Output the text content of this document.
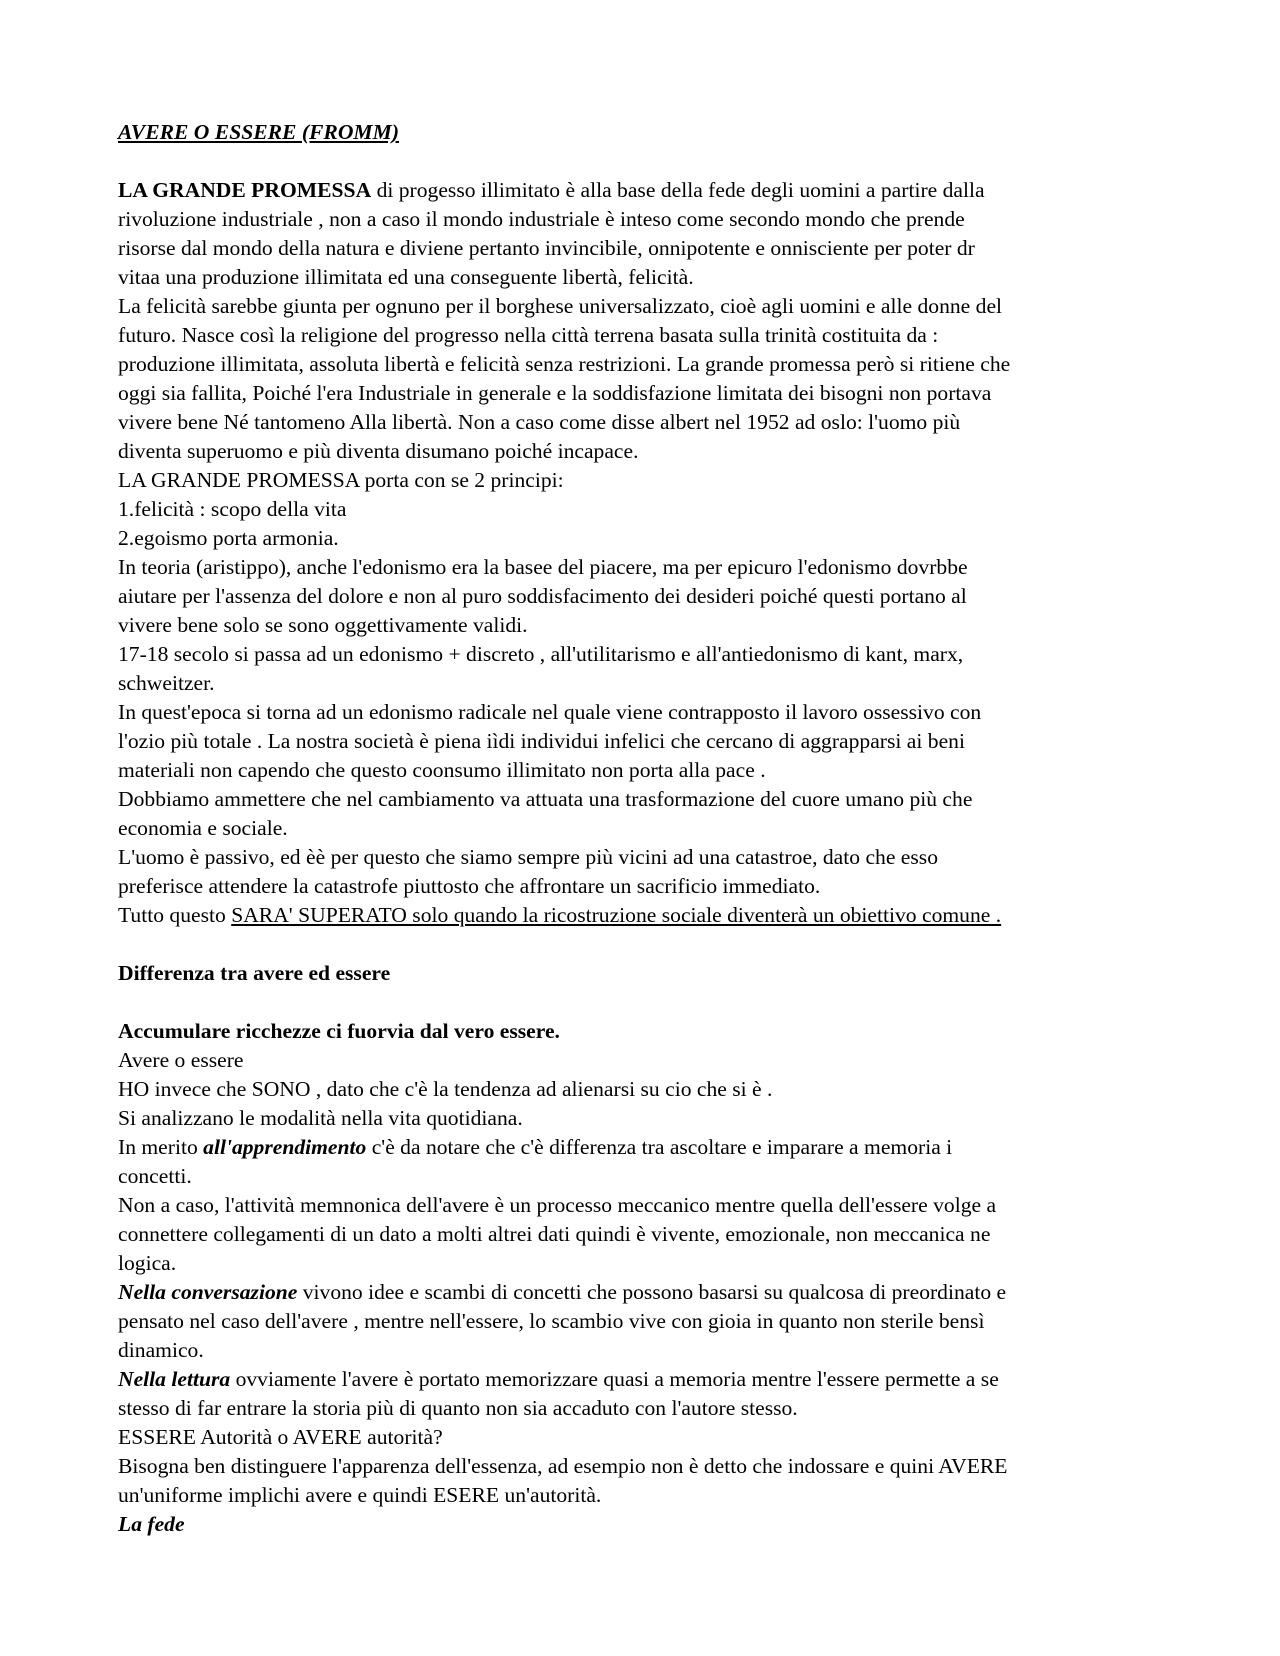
AVERE O ESSERE (FROMM)
LA GRANDE PROMESSA di progesso illimitato è alla base della fede degli uomini a partire dalla
rivoluzione industriale , non a caso il mondo industriale è inteso come secondo mondo che prende
risorse dal mondo della natura e diviene pertanto invincibile, onnipotente e onnisciente per poter dr
vitaa una produzione illimitata ed una conseguente libertà, felicità.
La felicità sarebbe giunta per ognuno per il borghese universalizzato, cioè agli uomini e alle donne del
futuro. Nasce così la religione del progresso nella città terrena basata sulla trinità costituita da :
produzione illimitata, assoluta libertà e felicità senza restrizioni. La grande promessa però si ritiene che
oggi sia fallita, Poiché l'era Industriale in generale e la soddisfazione limitata dei bisogni non portava
vivere bene Né tantomeno Alla libertà. Non a caso come disse albert nel 1952 ad oslo: l'uomo più
diventa superuomo e più diventa disumano poiché incapace.
LA GRANDE PROMESSA porta con se 2 principi:
1.felicità : scopo della vita
2.egoismo porta armonia.
In teoria (aristippo), anche l'edonismo era la basee del piacere, ma per epicuro l'edonismo dovrbbe
aiutare per l'assenza del dolore e non al puro soddisfacimento dei desideri poiché questi portano al
vivere bene solo se sono oggettivamente validi.
17-18 secolo si passa ad un edonismo + discreto , all'utilitarismo e all'antiedonismo di kant, marx,
schweitzer.
In quest'epoca si torna ad un edonismo radicale nel quale viene contrapposto il lavoro ossessivo con
l'ozio più totale . La nostra società è piena iìdi individui infelici che cercano di aggrapparsi ai beni
materiali non capendo che questo coonsumo illimitato non porta alla pace .
Dobbiamo ammettere che nel cambiamento va attuata una trasformazione del cuore umano più che
economia e sociale.
L'uomo è passivo, ed èè per questo che siamo sempre più vicini ad una catastroe, dato che esso
preferisce attendere la catastrofe piuttosto che affrontare un sacrificio immediato.
Tutto questo SARA' SUPERATO solo quando la ricostruzione sociale diventerà un obiettivo comune .
Differenza tra avere ed essere
Accumulare ricchezze ci fuorvia dal vero essere.
Avere o essere
HO invece che SONO , dato che c'è la tendenza ad alienarsi su cio che si è .
Si analizzano le modalità nella vita quotidiana.
In merito all'apprendimento c'è da notare che c'è differenza tra ascoltare e imparare a memoria i
concetti.
Non a caso, l'attività memnonica dell'avere è un processo meccanico mentre quella dell'essere volge a
connettere collegamenti di un dato a molti altrei dati quindi è vivente, emozionale, non meccanica ne
logica.
Nella conversazione vivono idee e scambi di concetti che possono basarsi su qualcosa di preordinato e
pensato nel caso dell'avere , mentre nell'essere, lo scambio vive con gioia in quanto non sterile bensì
dinamico.
Nella lettura ovviamente l'avere è portato memorizzare quasi a memoria mentre l'essere permette a se
stesso di far entrare la storia più di quanto non sia accaduto con l'autore stesso.
ESSERE Autorità o AVERE autorità?
Bisogna ben distinguere l'apparenza dell'essenza, ad esempio non è detto che indossare e quini AVERE
un'uniforme implichi avere e quindi ESERE un'autorità.
La fede
